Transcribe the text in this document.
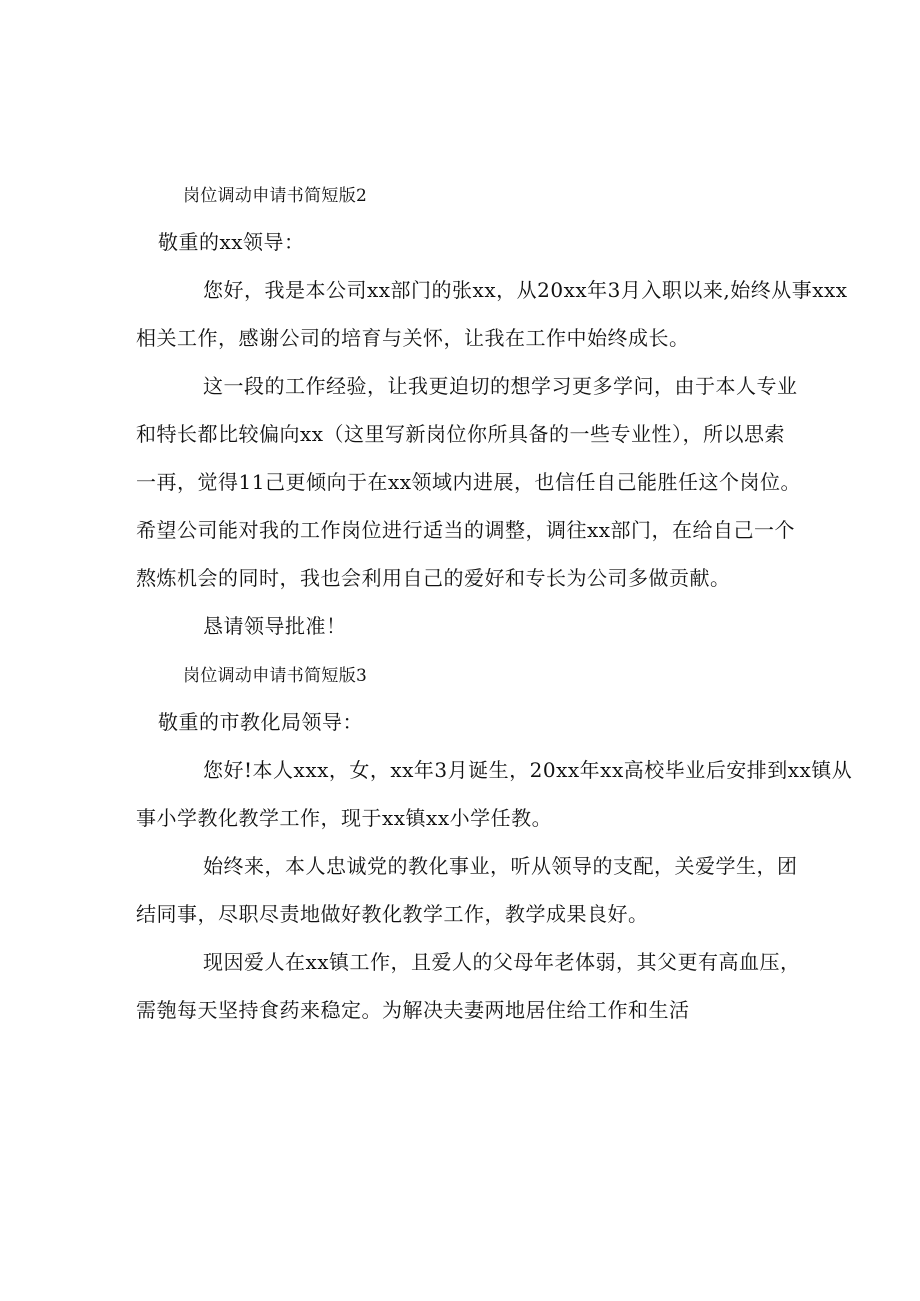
岗位调动申请书简短版2
敬重的xx领导：
您好，我是本公司xx部门的张xx，从20xx年3月入职以来,始终从事xxx
相关工作，感谢公司的培育与关怀，让我在工作中始终成长。
这一段的工作经验，让我更迫切的想学习更多学问，由于本人专业
和特长都比较偏向xx（这里写新岗位你所具备的一些专业性），所以思索
一再，觉得11己更倾向于在xx领域内进展，也信任自己能胜任这个岗位。
希望公司能对我的工作岗位进行适当的调整，调往xx部门，在给自己一个
熬炼机会的同时，我也会利用自己的爱好和专长为公司多做贡献。
恳请领导批准！
岗位调动申请书简短版3
敬重的市教化局领导：
您好!本人xxx，女，xx年3月诞生，20xx年xx高校毕业后安排到xx镇从
事小学教化教学工作，现于xx镇xx小学任教。
始终来，本人忠诚党的教化事业，听从领导的支配，关爱学生，团
结同事，尽职尽责地做好教化教学工作，教学成果良好。
现因爱人在xx镇工作，且爱人的父母年老体弱，其父更有高血压，
需匏每天坚持食药来稳定。为解决夫妻两地居住给工作和生活
